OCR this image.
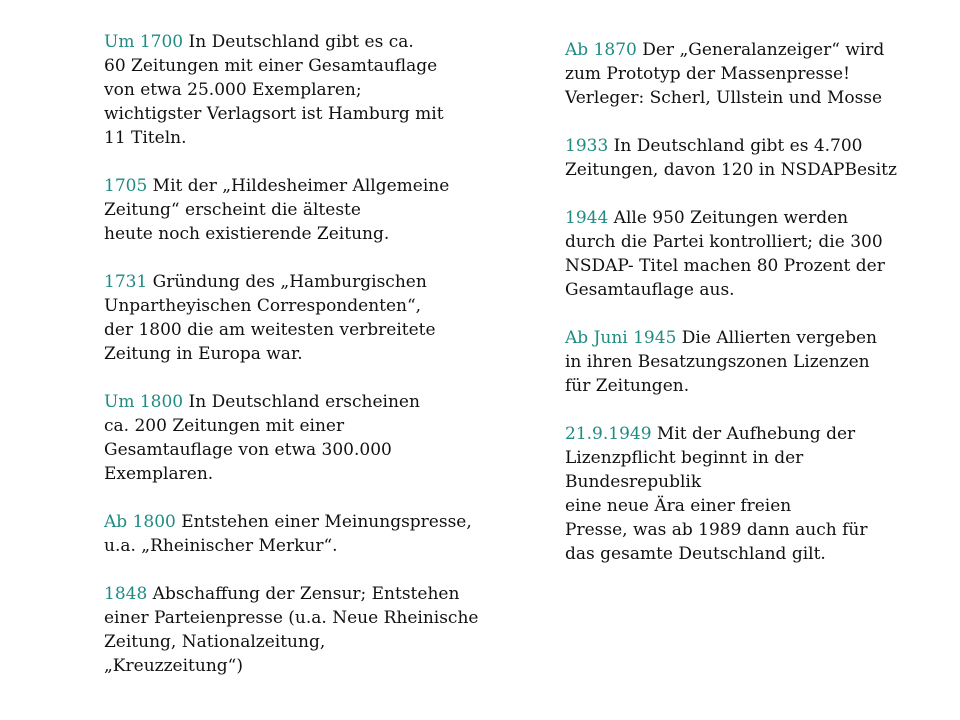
Um 1700 In Deutschland gibt es ca.
60 Zeitungen mit einer Gesamtauflage
von etwa 25.000 Exemplaren;
wichtigster Verlagsort ist Hamburg mit
11 Titeln.
1705 Mit der „Hildesheimer Allgemeine
Zeitung“ erscheint die älteste
heute noch existierende Zeitung.
1731 Gründung des „Hamburgischen
Unpartheyischen Correspondenten“,
der 1800 die am weitesten verbreitete
Zeitung in Europa war.
Um 1800 In Deutschland erscheinen
ca. 200 Zeitungen mit einer
Gesamtauflage von etwa 300.000
Exemplaren.
Ab 1800 Entstehen einer Meinungspresse,
u.a. „Rheinischer Merkur“.
1848 Abschaffung der Zensur; Entstehen
einer Parteienpresse (u.a. Neue Rheinische
Zeitung, Nationalzeitung,
„Kreuzzeitung“)
Ab 1870 Der „Generalanzeiger“ wird
zum Prototyp der Massenpresse!
Verleger: Scherl, Ullstein und Mosse
1933 In Deutschland gibt es 4.700
Zeitungen, davon 120 in NSDAPBesitz
1944 Alle 950 Zeitungen werden
durch die Partei kontrolliert; die 300
NSDAP- Titel machen 80 Prozent der
Gesamtauflage aus.
Ab Juni 1945 Die Allierten vergeben
in ihren Besatzungszonen Lizenzen
für Zeitungen.
21.9.1949 Mit der Aufhebung der
Lizenzpflicht beginnt in der
Bundesrepublik
eine neue Ära einer freien
Presse, was ab 1989 dann auch für
das gesamte Deutschland gilt.
